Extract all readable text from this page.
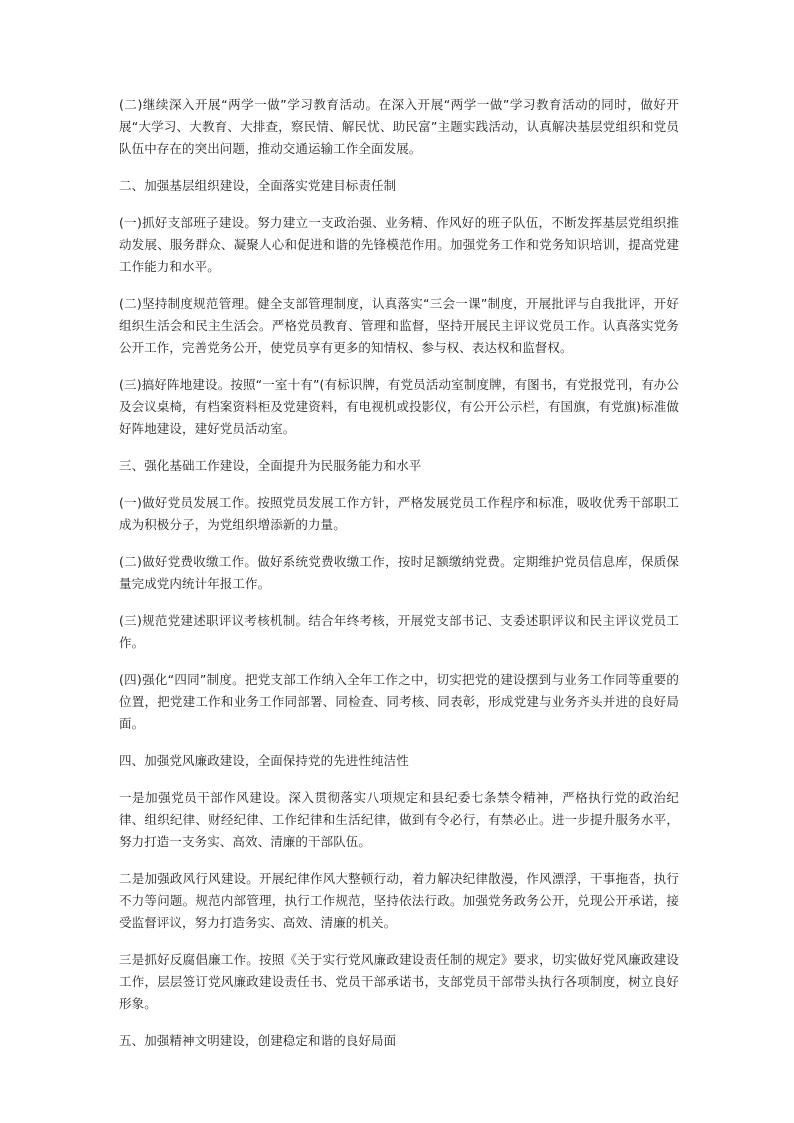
(二)继续深入开展“两学一做”学习教育活动。在深入开展“两学一做”学习教育活动的同时，做好开展“大学习、大教育、大排查，察民情、解民忧、助民富”主题实践活动，认真解决基层党组织和党员队伍中存在的突出问题，推动交通运输工作全面发展。

二、加强基层组织建设，全面落实党建目标责任制

(一)抓好支部班子建设。努力建立一支政治强、业务精、作风好的班子队伍，不断发挥基层党组织推动发展、服务群众、凝聚人心和促进和谐的先锋模范作用。加强党务工作和党务知识培训，提高党建工作能力和水平。

(二)坚持制度规范管理。健全支部管理制度，认真落实“三会一课”制度，开展批评与自我批评，开好组织生活会和民主生活会。严格党员教育、管理和监督，坚持开展民主评议党员工作。认真落实党务公开工作，完善党务公开，使党员享有更多的知情权、参与权、表达权和监督权。

(三)搞好阵地建设。按照“一室十有”(有标识牌，有党员活动室制度牌，有图书，有党报党刊，有办公及会议桌椅，有档案资料柜及党建资料，有电视机或投影仪，有公开公示栏，有国旗，有党旗)标准做好阵地建设，建好党员活动室。

三、强化基础工作建设，全面提升为民服务能力和水平

(一)做好党员发展工作。按照党员发展工作方针，严格发展党员工作程序和标准，吸收优秀干部职工成为积极分子，为党组织增添新的力量。

(二)做好党费收缴工作。做好系统党费收缴工作，按时足额缴纳党费。定期维护党员信息库，保质保量完成党内统计年报工作。

(三)规范党建述职评议考核机制。结合年终考核，开展党支部书记、支委述职评议和民主评议党员工作。

(四)强化“四同”制度。把党支部工作纳入全年工作之中，切实把党的建设摆到与业务工作同等重要的位置，把党建工作和业务工作同部署、同检查、同考核、同表彰，形成党建与业务齐头并进的良好局面。

四、加强党风廉政建设，全面保持党的先进性纯洁性

一是加强党员干部作风建设。深入贯彻落实八项规定和县纪委七条禁令精神，严格执行党的政治纪律、组织纪律、财经纪律、工作纪律和生活纪律，做到有令必行，有禁必止。进一步提升服务水平，努力打造一支务实、高效、清廉的干部队伍。

二是加强政风行风建设。开展纪律作风大整顿行动，着力解决纪律散漫，作风漂浮，干事拖沓，执行不力等问题。规范内部管理，执行工作规范，坚持依法行政。加强党务政务公开，兑现公开承诺，接受监督评议，努力打造务实、高效、清廉的机关。

三是抓好反腐倡廉工作。按照《关于实行党风廉政建设责任制的规定》要求，切实做好党风廉政建设工作，层层签订党风廉政建设责任书、党员干部承诺书，支部党员干部带头执行各项制度，树立良好形象。

五、加强精神文明建设，创建稳定和谐的良好局面
